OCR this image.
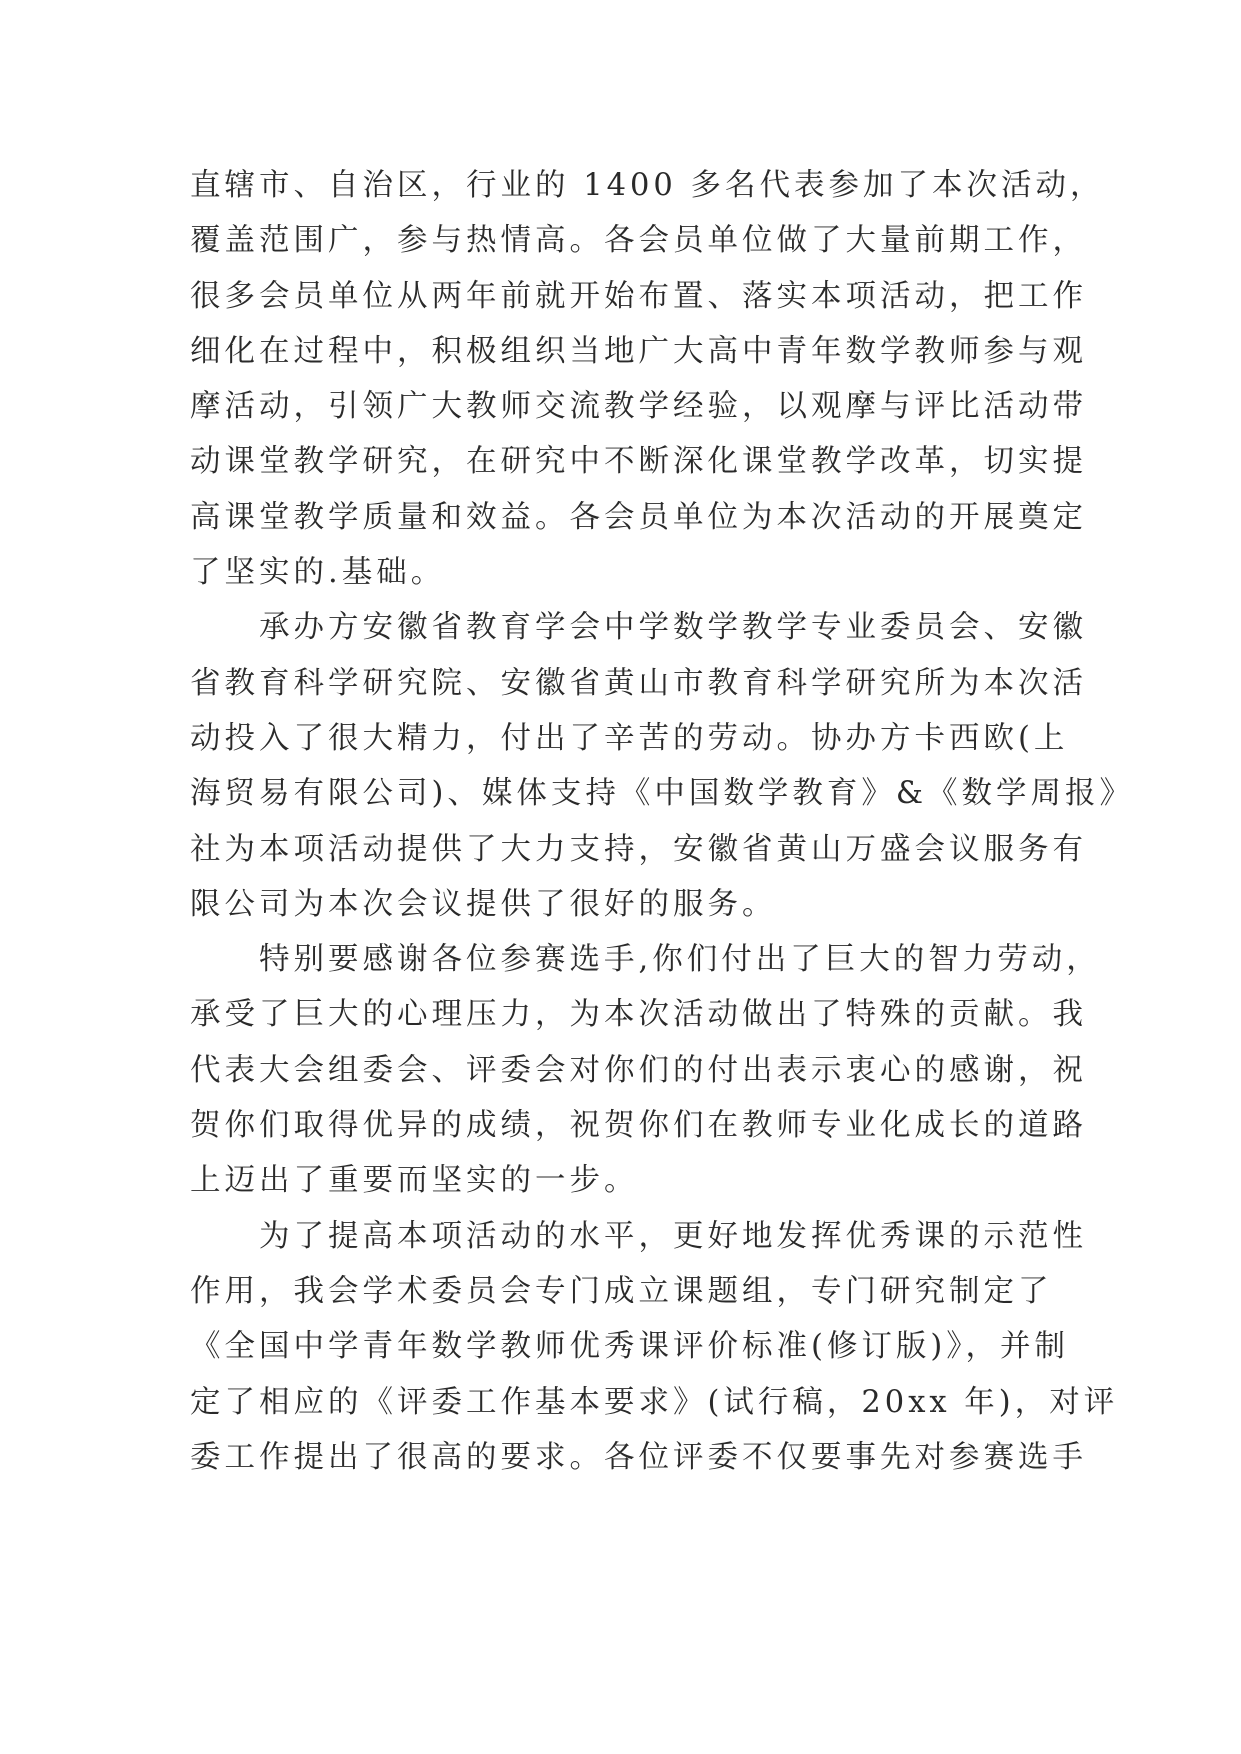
直辖市、自治区，行业的 1400 多名代表参加了本次活动，
覆盖范围广，参与热情高。各会员单位做了大量前期工作，
很多会员单位从两年前就开始布置、落实本项活动，把工作
细化在过程中，积极组织当地广大高中青年数学教师参与观
摩活动，引领广大教师交流教学经验，以观摩与评比活动带
动课堂教学研究，在研究中不断深化课堂教学改革，切实提
高课堂教学质量和效益。各会员单位为本次活动的开展奠定
了坚实的.基础。
　　承办方安徽省教育学会中学数学教学专业委员会、安徽
省教育科学研究院、安徽省黄山市教育科学研究所为本次活
动投入了很大精力，付出了辛苦的劳动。协办方卡西欧(上
海贸易有限公司)、媒体支持《中国数学教育》&《数学周报》
社为本项活动提供了大力支持，安徽省黄山万盛会议服务有
限公司为本次会议提供了很好的服务。
　　特别要感谢各位参赛选手,你们付出了巨大的智力劳动，
承受了巨大的心理压力，为本次活动做出了特殊的贡献。我
代表大会组委会、评委会对你们的付出表示衷心的感谢，祝
贺你们取得优异的成绩，祝贺你们在教师专业化成长的道路
上迈出了重要而坚实的一步。
　　为了提高本项活动的水平，更好地发挥优秀课的示范性
作用，我会学术委员会专门成立课题组，专门研究制定了
《全国中学青年数学教师优秀课评价标准(修订版)》，并制
定了相应的《评委工作基本要求》(试行稿，20xx 年)，对评
委工作提出了很高的要求。各位评委不仅要事先对参赛选手
